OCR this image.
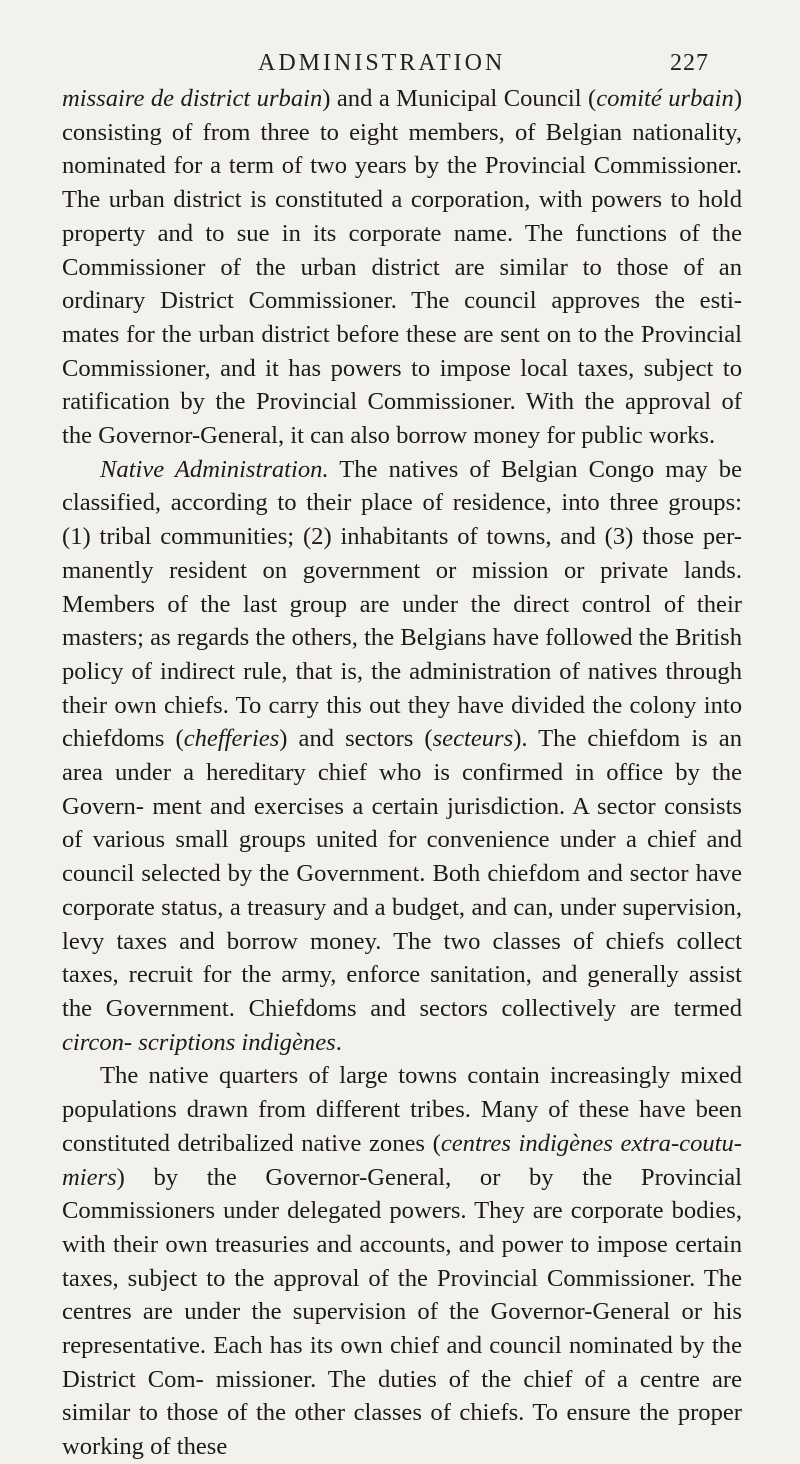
ADMINISTRATION	227

missaire de district urbain) and a Municipal Council (comité urbain) consisting of from three to eight members, of Belgian nationality, nominated for a term of two years by the Provincial Commissioner. The urban district is constituted a corporation, with powers to hold property and to sue in its corporate name. The functions of the Commissioner of the urban district are similar to those of an ordinary District Commissioner. The council approves the esti- mates for the urban district before these are sent on to the Provincial Commissioner, and it has powers to impose local taxes, subject to ratification by the Provincial Commissioner. With the approval of the Governor-General, it can also borrow money for public works.

Native Administration. The natives of Belgian Congo may be classified, according to their place of residence, into three groups: (1) tribal communities; (2) inhabitants of towns, and (3) those per- manently resident on government or mission or private lands. Members of the last group are under the direct control of their masters; as regards the others, the Belgians have followed the British policy of indirect rule, that is, the administration of natives through their own chiefs. To carry this out they have divided the colony into chiefdoms (chefferies) and sectors (secteurs). The chiefdom is an area under a hereditary chief who is confirmed in office by the Govern- ment and exercises a certain jurisdiction. A sector consists of various small groups united for convenience under a chief and council selected by the Government. Both chiefdom and sector have corporate status, a treasury and a budget, and can, under supervision, levy taxes and borrow money. The two classes of chiefs collect taxes, recruit for the army, enforce sanitation, and generally assist the Government. Chiefdoms and sectors collectively are termed circon- scriptions indigènes.

The native quarters of large towns contain increasingly mixed populations drawn from different tribes. Many of these have been constituted detribalized native zones (centres indigènes extra-coutu- miers) by the Governor-General, or by the Provincial Commissioners under delegated powers. They are corporate bodies, with their own treasuries and accounts, and power to impose certain taxes, subject to the approval of the Provincial Commissioner. The centres are under the supervision of the Governor-General or his representative. Each has its own chief and council nominated by the District Com- missioner. The duties of the chief of a centre are similar to those of the other classes of chiefs. To ensure the proper working of these
